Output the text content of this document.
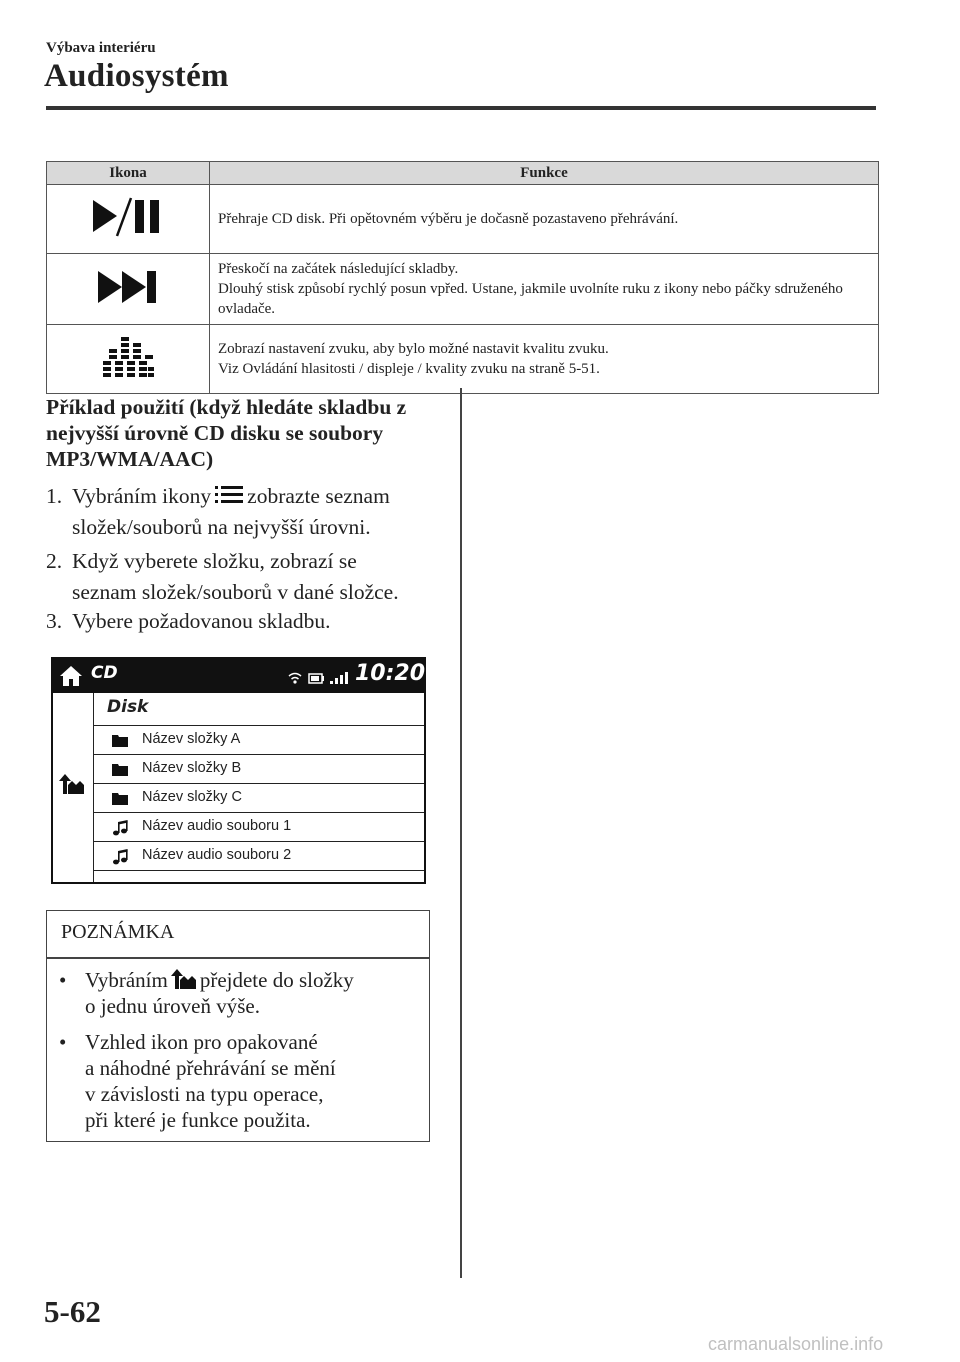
Výbava interiéru
Audiosystém
Ikona	Funkce

Přehraje CD disk. Při opětovném výběru je dočasně pozastaveno přehrávání.

Přeskočí na začátek následující skladby.
Dlouhý stisk způsobí rychlý posun vpřed. Ustane, jakmile uvolníte ruku z ikony nebo páčky sdruženého ovladače.

Zobrazí nastavení zvuku, aby bylo možné nastavit kvalitu zvuku.
Viz Ovládání hlasitosti / displeje / kvality zvuku na straně 5-51.
Příklad použití (když hledáte skladbu z nejvyšší úrovně CD disku se soubory MP3/WMA/AAC)
1. Vybráním ikony zobrazte seznam
složek/souborů na nejvyšší úrovni.
2. Když vyberete složku, zobrazí se
seznam složek/souborů v dané složce.
3. Vybere požadovanou skladbu.
CD	10:20
Disk
Název složky A
Název složky B
Název složky C
Název audio souboru 1
Název audio souboru 2
POZNÁMKA
• Vybráním přejdete do složky
o jednu úroveň výše.
• Vzhled ikon pro opakované
a náhodné přehrávání se mění
v závislosti na typu operace,
při které je funkce použita.
5-62
carmanualsonline.info
